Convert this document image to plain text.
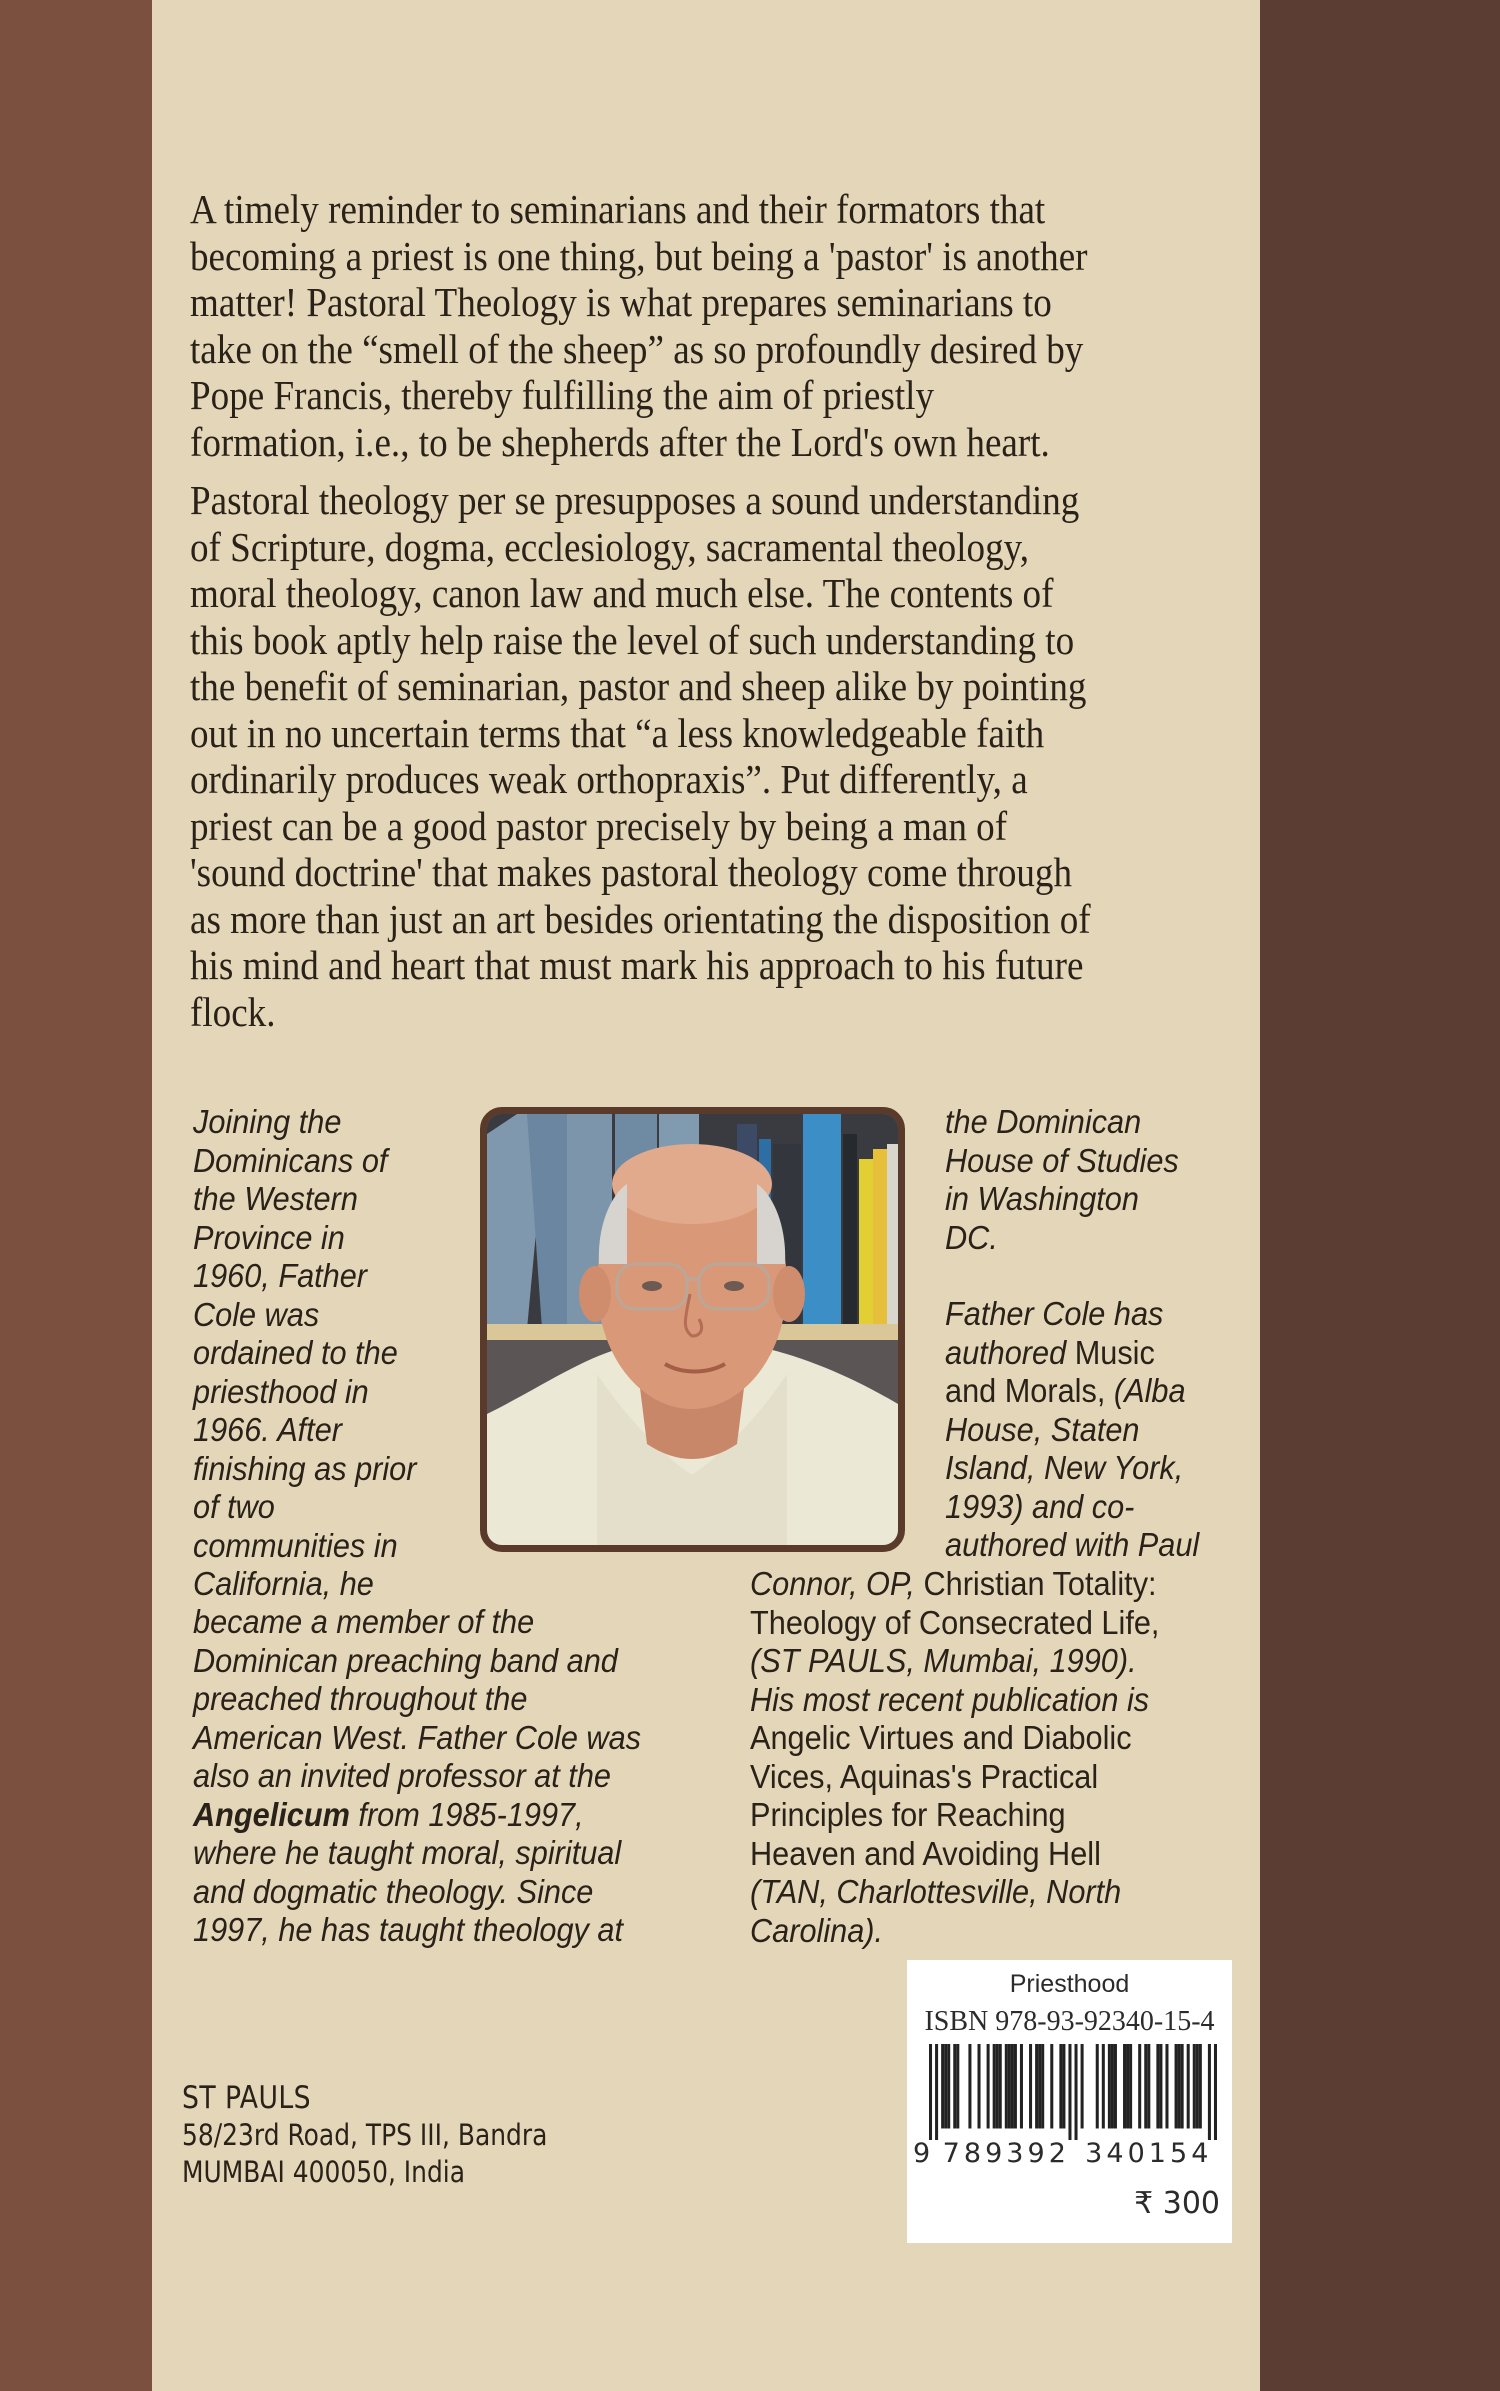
A timely reminder to seminarians and their formators that
becoming a priest is one thing, but being a 'pastor' is another
matter! Pastoral Theology is what prepares seminarians to
take on the “smell of the sheep” as so profoundly desired by
Pope Francis, thereby fulfilling the aim of priestly
formation, i.e., to be shepherds after the Lord's own heart.

Pastoral theology per se presupposes a sound understanding
of Scripture, dogma, ecclesiology, sacramental theology,
moral theology, canon law and much else. The contents of
this book aptly help raise the level of such understanding to
the benefit of seminarian, pastor and sheep alike by pointing
out in no uncertain terms that “a less knowledgeable faith
ordinarily produces weak orthopraxis”. Put differently, a
priest can be a good pastor precisely by being a man of
'sound doctrine' that makes pastoral theology come through
as more than just an art besides orientating the disposition of
his mind and heart that must mark his approach to his future
flock.

Joining the
Dominicans of
the Western
Province in
1960, Father
Cole was
ordained to the
priesthood in
1966. After
finishing as prior
of two
communities in
California, he
became a member of the
Dominican preaching band and
preached throughout the
American West. Father Cole was
also an invited professor at the
Angelicum from 1985-1997,
where he taught moral, spiritual
and dogmatic theology. Since
1997, he has taught theology at
the Dominican
House of Studies
in Washington
DC.
Father Cole has
authored Music
and Morals, (Alba
House, Staten
Island, New York,
1993) and co-
authored with Paul
Connor, OP, Christian Totality:
Theology of Consecrated Life,
(ST PAULS, Mumbai, 1990).
His most recent publication is
Angelic Virtues and Diabolic
Vices, Aquinas's Practical
Principles for Reaching
Heaven and Avoiding Hell
(TAN, Charlottesville, North
Carolina).
ST PAULS
58/23rd Road, TPS III, Bandra
MUMBAI 400050, India
Priesthood
ISBN 978-93-92340-15-4
9 7 8 9 3 9 2 3 4 0 1 5 4
₹ 300
